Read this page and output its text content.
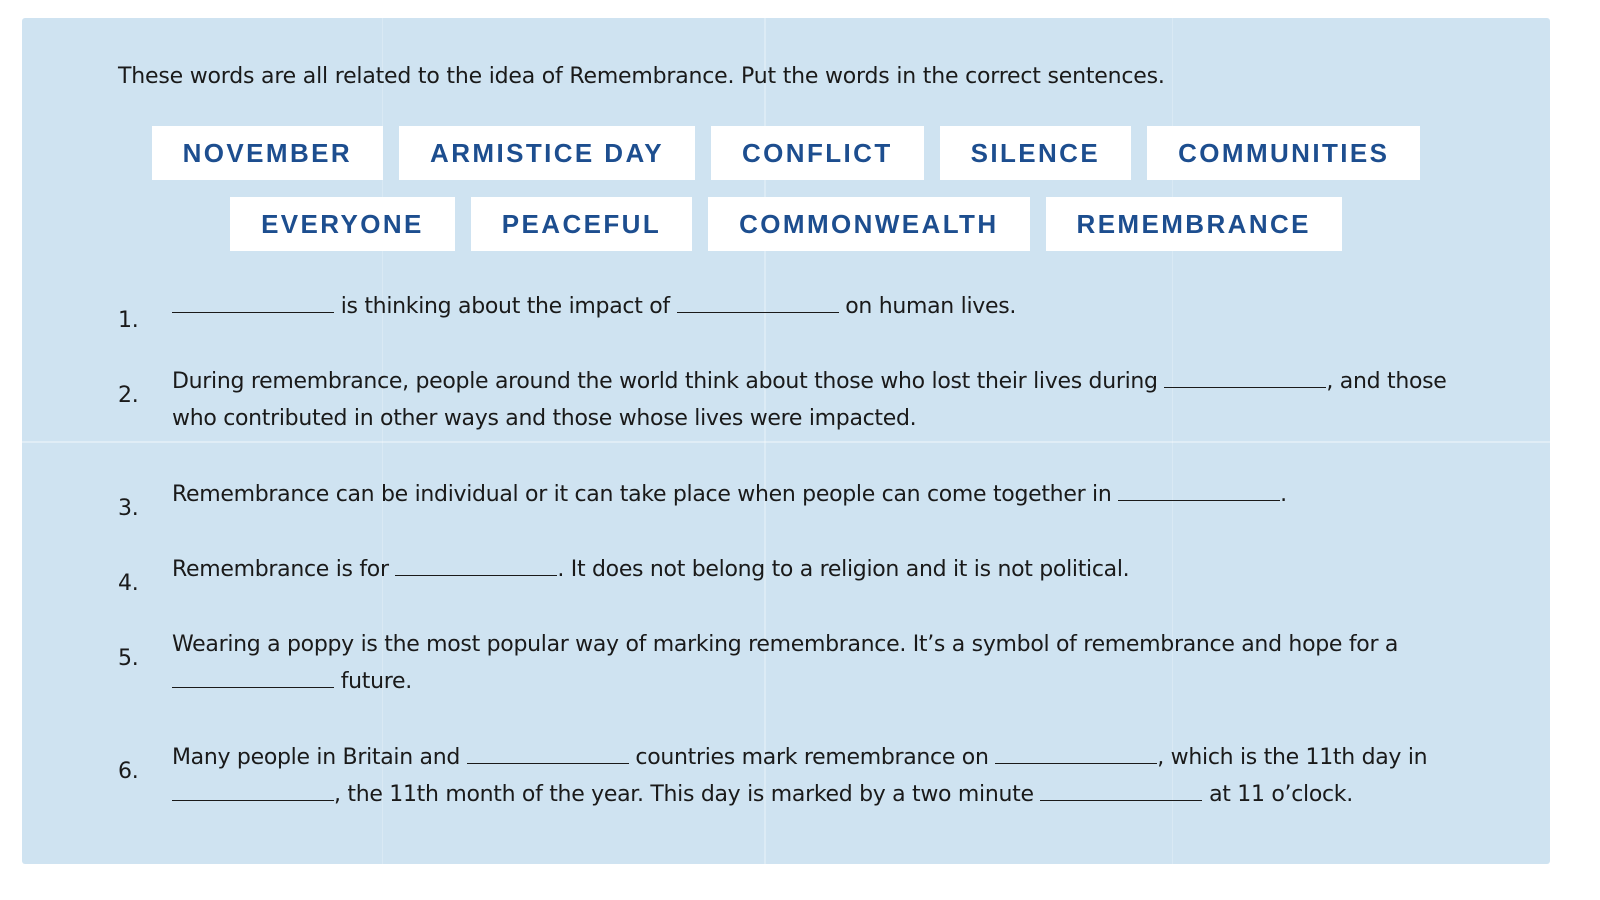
These words are all related to the idea of Remembrance. Put the words in the correct sentences.
NOVEMBER	ARMISTICE DAY	CONFLICT	SILENCE	COMMUNITIES
EVERYONE	PEACEFUL	COMMONWEALTH	REMEMBRANCE
1.
is thinking about the impact of	on human lives.
2.
During remembrance, people around the world think about those who lost their lives during	, and those who contributed in other ways and those whose lives were impacted.
3.
Remembrance can be individual or it can take place when people can come together in	.
4.
Remembrance is for	. It does not belong to a religion and it is not political.
5.
Wearing a poppy is the most popular way of marking remembrance. It’s a symbol of remembrance and hope for a  future.
6.
Many people in Britain and	countries mark remembrance on	, which is the 11th day in , the 11th month of the year. This day is marked by a two minute	at 11 o’clock.
